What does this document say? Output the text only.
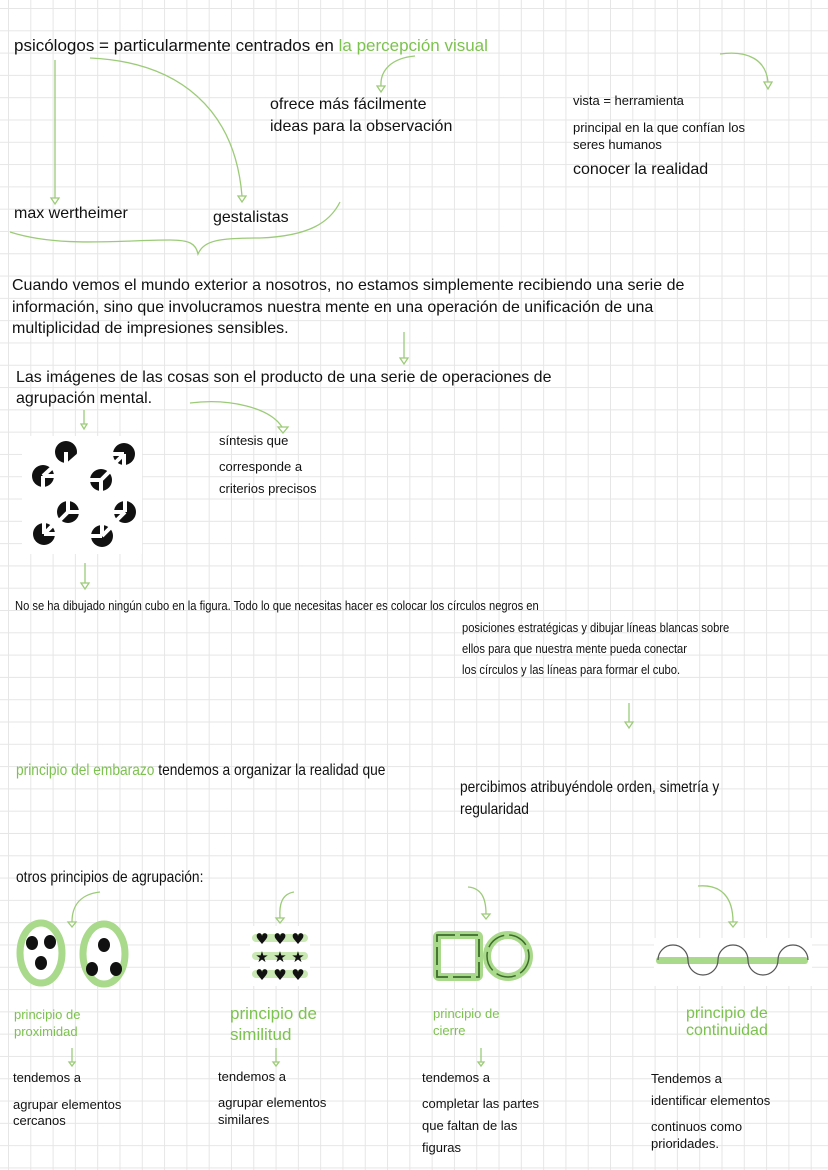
psicólogos = particularmente centrados en la percepción visual
max wertheimer	gestalistas
ofrece más fácilmente
ideas para la observación
vista = herramienta
principal en la que confían los
seres humanos
conocer la realidad
Cuando vemos el mundo exterior a nosotros, no estamos simplemente recibiendo una serie de
información, sino que involucramos nuestra mente en una operación de unificación de una
multiplicidad de impresiones sensibles.
Las imágenes de las cosas son el producto de una serie de operaciones de
agrupación mental.
síntesis que
corresponde a
criterios precisos
No se ha dibujado ningún cubo en la figura. Todo lo que necesitas hacer es colocar los círculos negros en
posiciones estratégicas y dibujar líneas blancas sobre
ellos para que nuestra mente pueda conectar
los círculos y las líneas para formar el cubo.
principio del embarazo tendemos a organizar la realidad que
percibimos atribuyéndole orden, simetría y
regularidad
otros principios de agrupación:
♥ ♥ ♥
★ ★ ★
♥ ♥ ♥
principio de
proximidad
principio de
similitud
principio de
cierre
principio de
continuidad
tendemos a
agrupar elementos
cercanos
tendemos a
agrupar elementos
similares
tendemos a
completar las partes
que faltan de las
figuras
Tendemos a
identificar elementos
continuos como
prioridades.
